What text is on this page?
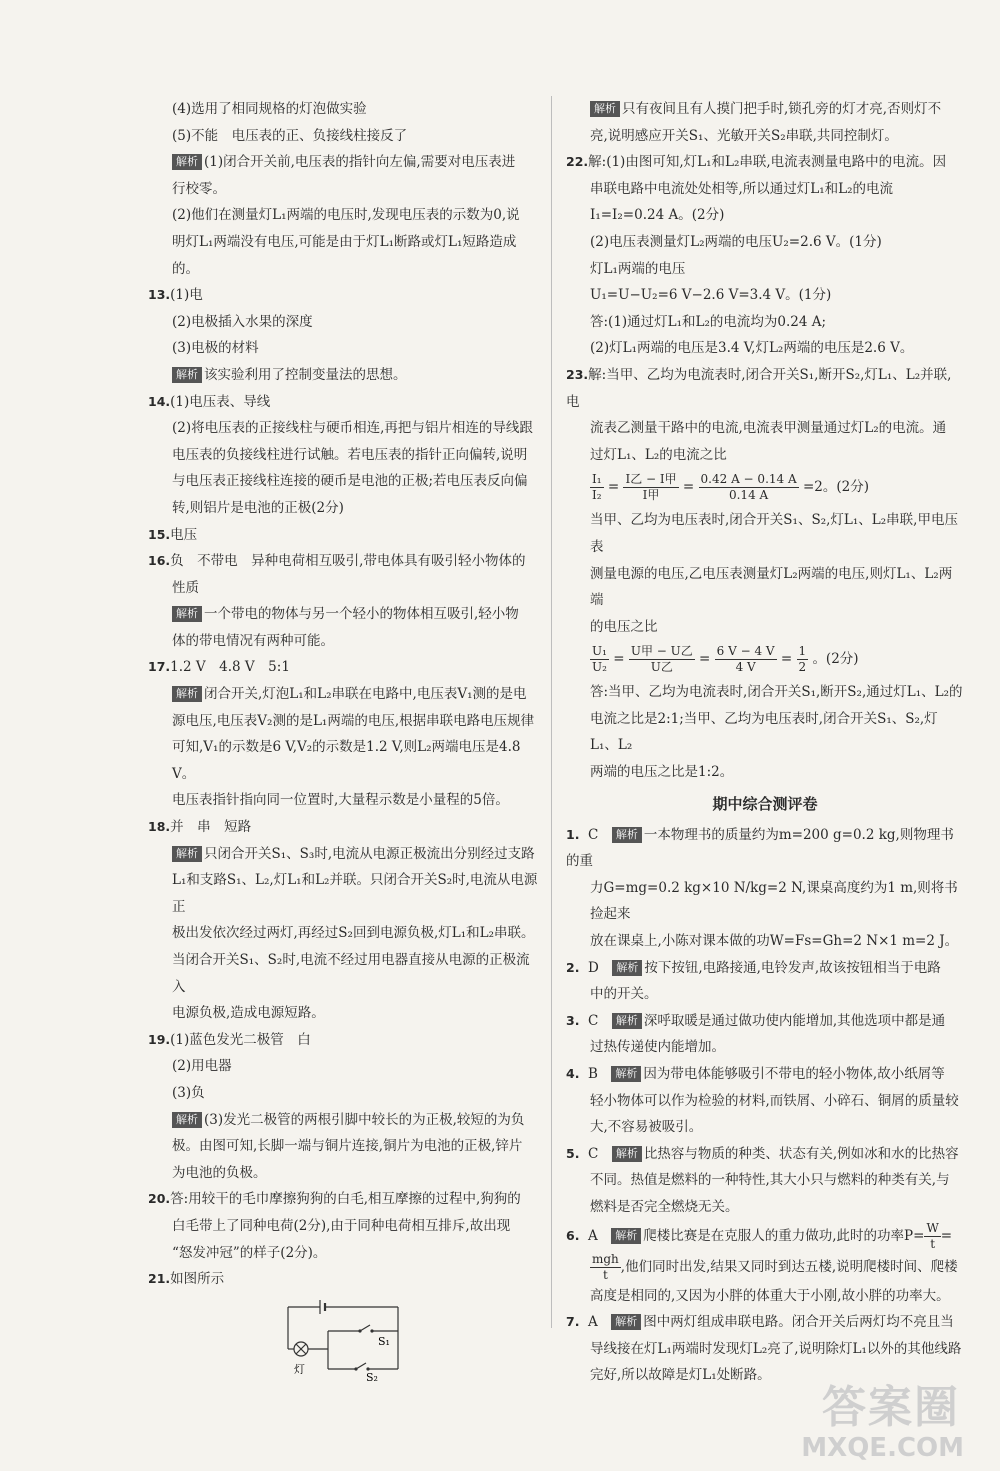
(4)选用了相同规格的灯泡做实验
(5)不能　电压表的正、负接线柱接反了
解析 (1)闭合开关前,电压表的指针向左偏,需要对电压表进
行校零。
(2)他们在测量灯L₁两端的电压时,发现电压表的示数为0,说
明灯L₁两端没有电压,可能是由于灯L₁断路或灯L₁短路造成的。
13.(1)电
(2)电极插入水果的深度
(3)电极的材料
解析 该实验利用了控制变量法的思想。
14.(1)电压表、导线
(2)将电压表的正接线柱与硬币相连,再把与铝片相连的导线跟
电压表的负接线柱进行试触。若电压表的指针正向偏转,说明
与电压表正接线柱连接的硬币是电池的正极;若电压表反向偏
转,则铝片是电池的正极(2分)
15.电压
16.负　不带电　异种电荷相互吸引,带电体具有吸引轻小物体的
性质
解析 一个带电的物体与另一个轻小的物体相互吸引,轻小物
体的带电情况有两种可能。
17.1.2 V　4.8 V　5:1
解析 闭合开关,灯泡L₁和L₂串联在电路中,电压表V₁测的是电
源电压,电压表V₂测的是L₁两端的电压,根据串联电路电压规律
可知,V₁的示数是6 V,V₂的示数是1.2 V,则L₂两端电压是4.8 V。
电压表指针指向同一位置时,大量程示数是小量程的5倍。
18.并　串　短路
解析 只闭合开关S₁、S₃时,电流从电源正极流出分别经过支路
L₁和支路S₁、L₂,灯L₁和L₂并联。只闭合开关S₂时,电流从电源正
极出发依次经过两灯,再经过S₂回到电源负极,灯L₁和L₂串联。
当闭合开关S₁、S₂时,电流不经过用电器直接从电源的正极流入
电源负极,造成电源短路。
19.(1)蓝色发光二极管　白
(2)用电器
(3)负
解析 (3)发光二极管的两根引脚中较长的为正极,较短的为负
极。由图可知,长脚一端与铜片连接,铜片为电池的正极,锌片
为电池的负极。
20.答:用较干的毛巾摩擦狗狗的白毛,相互摩擦的过程中,狗狗的
白毛带上了同种电荷(2分),由于同种电荷相互排斥,故出现
“怒发冲冠”的样子(2分)。
21.如图所示
S₁
S₂
灯
解析 只有夜间且有人摸门把手时,锁孔旁的灯才亮,否则灯不
亮,说明感应开关S₁、光敏开关S₂串联,共同控制灯。
22.解:(1)由图可知,灯L₁和L₂串联,电流表测量电路中的电流。因
串联电路中电流处处相等,所以通过灯L₁和L₂的电流
I₁=I₂=0.24 A。(2分)
(2)电压表测量灯L₂两端的电压U₂=2.6 V。(1分)
灯L₁两端的电压
U₁=U−U₂=6 V−2.6 V=3.4 V。(1分)
答:(1)通过灯L₁和L₂的电流均为0.24 A;
(2)灯L₁两端的电压是3.4 V,灯L₂两端的电压是2.6 V。
23.解:当甲、乙均为电流表时,闭合开关S₁,断开S₂,灯L₁、L₂并联,电
流表乙测量干路中的电流,电流表甲测量通过灯L₂的电流。通
过灯L₁、L₂的电流之比
$\frac{\text{I₁}}{\text{I₂}} = \frac{\text{I乙 − I甲}}{\text{I甲}} = \frac{0.42 A - 0.14 A}{0.14 A} =2$。(2分)
当甲、乙均为电压表时,闭合开关S₁、S₂,灯L₁、L₂串联,甲电压表
测量电源的电压,乙电压表测量灯L₂两端的电压,则灯L₁、L₂两端
的电压之比
$\frac{\text{U₁}}{\text{U₂}} = \frac{\text{U甲 − U乙}}{\text{U乙}} = \frac{6 V - 4 V}{4 V} = \frac{1}{2}$ 。(2分)
答:当甲、乙均为电流表时,闭合开关S₁,断开S₂,通过灯L₁、L₂的
电流之比是2:1;当甲、乙均为电压表时,闭合开关S₁、S₂,灯L₁、L₂
两端的电压之比是1:2。
期中综合测评卷
1. C　 解析 一本物理书的质量约为m=200 g=0.2 kg,则物理书的重
力G=mg=0.2 kg×10 N/kg=2 N,课桌高度约为1 m,则将书捡起来
放在课桌上,小陈对课本做的功W=Fs=Gh=2 N×1 m=2 J。
2. D　 解析 按下按钮,电路接通,电铃发声,故该按钮相当于电路
中的开关。
3. C　 解析 深呼取暖是通过做功使内能增加,其他选项中都是通
过热传递使内能增加。
4. B　 解析 因为带电体能够吸引不带电的轻小物体,故小纸屑等
轻小物体可以作为检验的材料,而铁屑、小碎石、铜屑的质量较
大,不容易被吸引。
5. C　 解析 比热容与物质的种类、状态有关,例如冰和水的比热容
不同。热值是燃料的一种特性,其大小只与燃料的种类有关,与
燃料是否完全燃烧无关。
6. A　 解析 爬楼比赛是在克服人的重力做功,此时的功率$P= \frac{W}{t}$ =
$\frac{\text{mgh}}{t}$ ,他们同时出发,结果又同时到达五楼,说明爬楼时间、爬楼
高度是相同的,又因为小胖的体重大于小刚,故小胖的功率大。
7. A　 解析 图中两灯组成串联电路。闭合开关后两灯均不亮且当
导线接在灯L₁两端时发现灯L₂亮了,说明除灯L₁以外的其他线路
完好,所以故障是灯L₁处断路。
答案圈
MXQE.COM
